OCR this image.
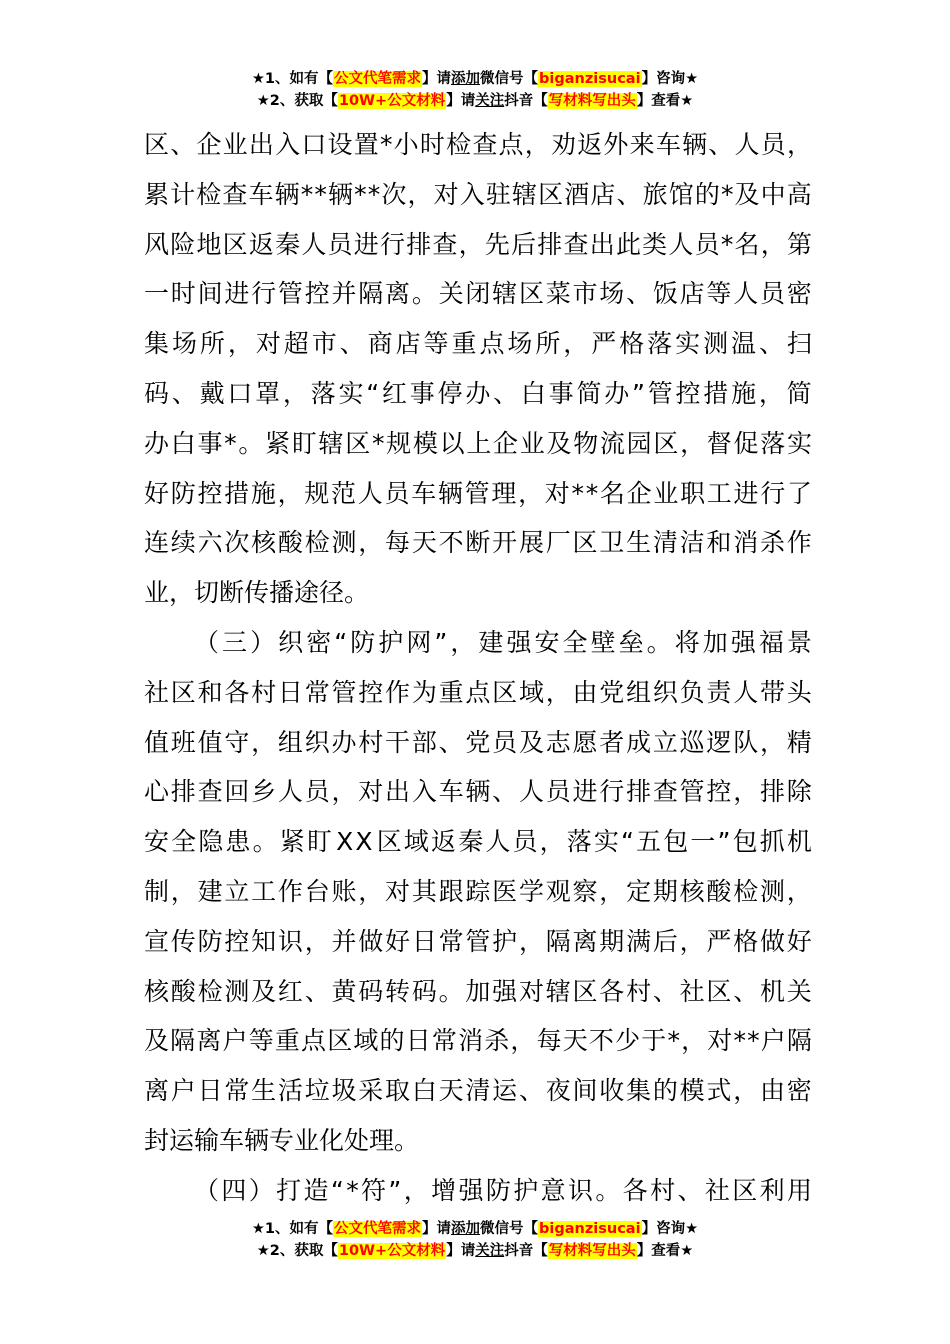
★1、如有【公文代笔需求】请添加微信号【biganzisucai】咨询★
★2、获取【10W+公文材料】请关注抖音【写材料写出头】查看★
区 、 企 业 出 入 口 设 置 * 小 时 检 查 点 ， 劝 返 外 来 车 辆 、 人 员 ，
累 计 检 查 车 辆 * * 辆 * * 次 ， 对 入 驻 辖 区 酒 店 、 旅 馆 的 * 及 中 高
风 险 地 区 返 秦 人 员 进 行 排 查 ， 先 后 排 查 出 此 类 人 员 * 名 ， 第
一 时 间 进 行 管 控 并 隔 离 。 关 闭 辖 区 菜 市 场 、 饭 店 等 人 员 密
集 场 所 ， 对 超 市 、 商 店 等 重 点 场 所 ， 严 格 落 实 测 温 、 扫
码 、 戴 口 罩 ， 落 实 “ 红 事 停 办 、 白 事 简 办 ” 管 控 措 施 ， 简
办 白 事 * 。 紧 盯 辖 区 * 规 模 以 上 企 业 及 物 流 园 区 ， 督 促 落 实
好 防 控 措 施 ， 规 范 人 员 车 辆 管 理 ， 对 * * 名 企 业 职 工 进 行 了
连 续 六 次 核 酸 检 测 ， 每 天 不 断 开 展 厂 区 卫 生 清 洁 和 消 杀 作
业，切断传播途径。
（ 三 ） 织 密 “ 防 护 网 ” ， 建 强 安 全 壁 垒 。 将 加 强 福 景
社 区 和 各 村 日 常 管 控 作 为 重 点 区 域 ， 由 党 组 织 负 责 人 带 头
值 班 值 守 ， 组 织 办 村 干 部 、 党 员 及 志 愿 者 成 立 巡 逻 队 ， 精
心 排 查 回 乡 人 员 ， 对 出 入 车 辆 、 人 员 进 行 排 查 管 控 ， 排 除
安 全 隐 患 。 紧 盯 X X 区 域 返 秦 人 员 ， 落 实 “ 五 包 一 ” 包 抓 机
制 ， 建 立 工 作 台 账 ， 对 其 跟 踪 医 学 观 察 ， 定 期 核 酸 检 测 ，
宣 传 防 控 知 识 ， 并 做 好 日 常 管 护 ， 隔 离 期 满 后 ， 严 格 做 好
核 酸 检 测 及 红 、 黄 码 转 码 。 加 强 对 辖 区 各 村 、 社 区 、 机 关
及 隔 离 户 等 重 点 区 域 的 日 常 消 杀 ， 每 天 不 少 于 * ， 对 * * 户 隔
离 户 日 常 生 活 垃 圾 采 取 白 天 清 运 、 夜 间 收 集 的 模 式 ， 由 密
封运输车辆专业化处理。
（ 四 ） 打 造 “ * 符 ” ， 增 强 防 护 意 识 。 各 村 、 社 区 利 用
★1、如有【公文代笔需求】请添加微信号【biganzisucai】咨询★
★2、获取【10W+公文材料】请关注抖音【写材料写出头】查看★
